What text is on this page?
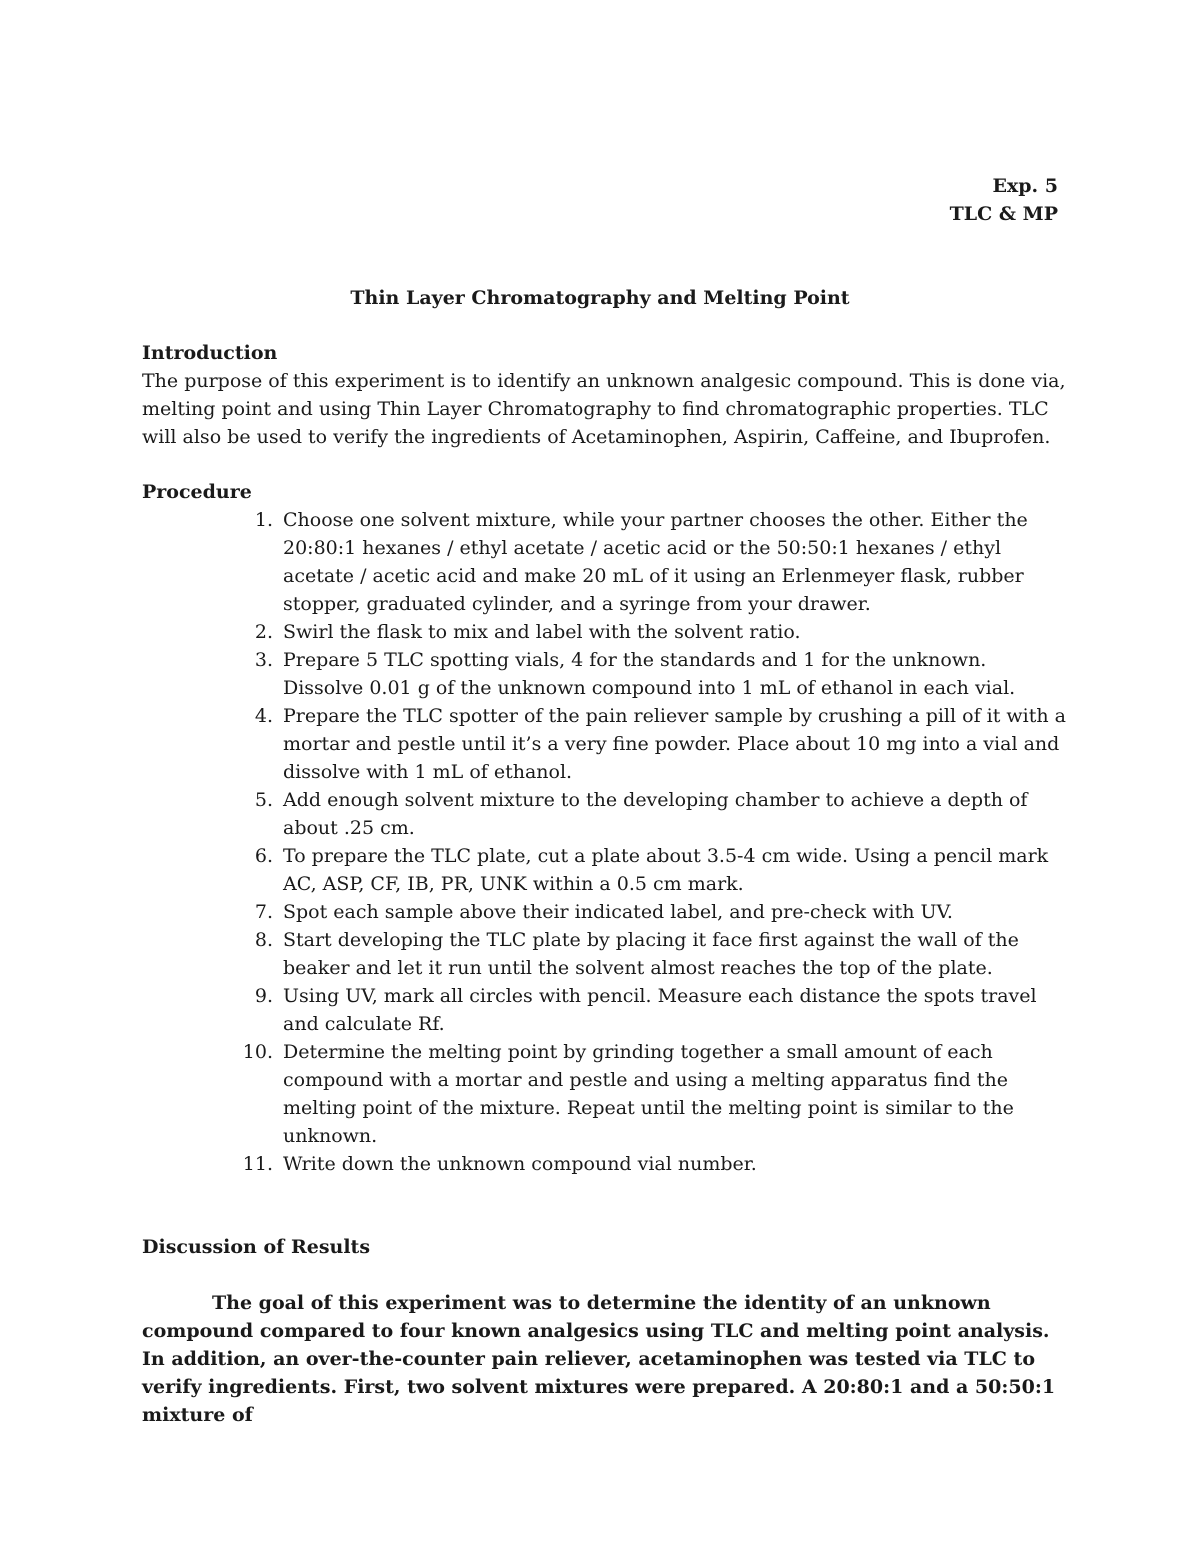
Exp. 5
TLC & MP
Thin Layer Chromatography and Melting Point
Introduction
The purpose of this experiment is to identify an unknown analgesic compound. This is done via, melting point and using Thin Layer Chromatography to find chromatographic properties. TLC will also be used to verify the ingredients of Acetaminophen, Aspirin, Caffeine, and Ibuprofen.
Procedure
1. Choose one solvent mixture, while your partner chooses the other. Either the 20:80:1 hexanes / ethyl acetate / acetic acid or the 50:50:1 hexanes / ethyl acetate / acetic acid and make 20 mL of it using an Erlenmeyer flask, rubber stopper, graduated cylinder, and a syringe from your drawer.
2. Swirl the flask to mix and label with the solvent ratio.
3. Prepare 5 TLC spotting vials, 4 for the standards and 1 for the unknown. Dissolve 0.01 g of the unknown compound into 1 mL of ethanol in each vial.
4. Prepare the TLC spotter of the pain reliever sample by crushing a pill of it with a mortar and pestle until it’s a very fine powder. Place about 10 mg into a vial and dissolve with 1 mL of ethanol.
5. Add enough solvent mixture to the developing chamber to achieve a depth of about .25 cm.
6. To prepare the TLC plate, cut a plate about 3.5-4 cm wide. Using a pencil mark AC, ASP, CF, IB, PR, UNK within a 0.5 cm mark.
7. Spot each sample above their indicated label, and pre-check with UV.
8. Start developing the TLC plate by placing it face first against the wall of the beaker and let it run until the solvent almost reaches the top of the plate.
9. Using UV, mark all circles with pencil. Measure each distance the spots travel and calculate Rf.
10. Determine the melting point by grinding together a small amount of each compound with a mortar and pestle and using a melting apparatus find the melting point of the mixture. Repeat until the melting point is similar to the unknown.
11. Write down the unknown compound vial number.
Discussion of Results
The goal of this experiment was to determine the identity of an unknown compound compared to four known analgesics using TLC and melting point analysis. In addition, an over-the-counter pain reliever, acetaminophen was tested via TLC to verify ingredients. First, two solvent mixtures were prepared. A 20:80:1 and a 50:50:1 mixture of
